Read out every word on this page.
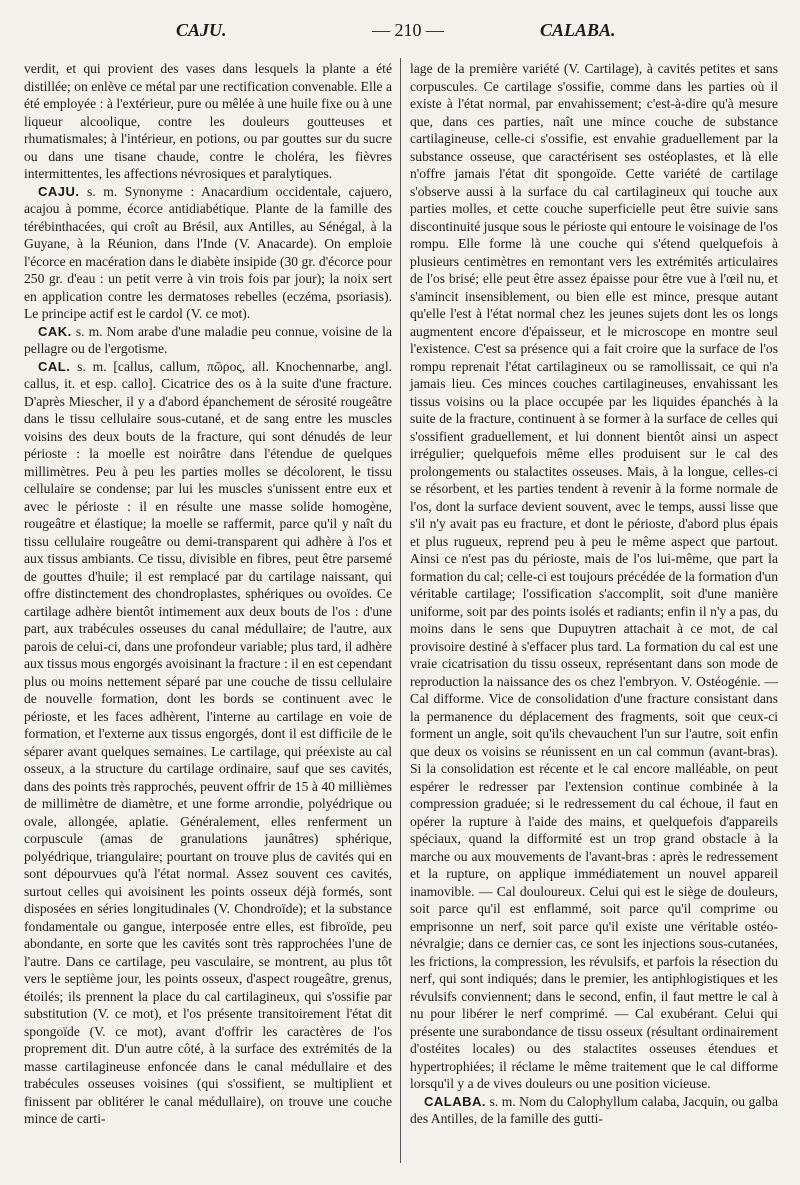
CAJU.	— 210 —	CALABA.

verdit, et qui provient des vases dans lesquels la plante a été distillée; on enlève ce métal par une rectification convenable. Elle a été employée : à l'extérieur, pure ou mêlée à une huile fixe ou à une liqueur alcoolique, contre les douleurs goutteuses et rhumatismales; à l'intérieur, en potions, ou par gouttes sur du sucre ou dans une tisane chaude, contre le choléra, les fièvres intermittentes, les affections névrosiques et paralytiques.

CAJU. s. m. Synonyme : Anacardium occidentale, cajuero, acajou à pomme, écorce antidiabétique. Plante de la famille des térébinthacées, qui croît au Brésil, aux Antilles, au Sénégal, à la Guyane, à la Réunion, dans l'Inde (V. Anacarde). On emploie l'écorce en macération dans le diabète insipide (30 gr. d'écorce pour 250 gr. d'eau : un petit verre à vin trois fois par jour); la noix sert en application contre les dermatoses rebelles (eczéma, psoriasis). Le principe actif est le cardol (V. ce mot).

CAK. s. m. Nom arabe d'une maladie peu connue, voisine de la pellagre ou de l'ergotisme.

CAL. s. m. [callus, callum, πῶρος, all. Knochennarbe, angl. callus, it. et esp. callo]. Cicatrice des os à la suite d'une fracture. D'après Miescher, il y a d'abord épanchement de sérosité rougeâtre dans le tissu cellulaire sous-cutané, et de sang entre les muscles voisins des deux bouts de la fracture, qui sont dénudés de leur périoste : la moelle est noirâtre dans l'étendue de quelques millimètres. Peu à peu les parties molles se décolorent, le tissu cellulaire se condense; par lui les muscles s'unissent entre eux et avec le périoste : il en résulte une masse solide homogène, rougeâtre et élastique; la moelle se raffermit, parce qu'il y naît du tissu cellulaire rougeâtre ou demi-transparent qui adhère à l'os et aux tissus ambiants. Ce tissu, divisible en fibres, peut être parsemé de gouttes d'huile; il est remplacé par du cartilage naissant, qui offre distinctement des chondroplastes, sphériques ou ovoïdes. Ce cartilage adhère bientôt intimement aux deux bouts de l'os : d'une part, aux trabécules osseuses du canal médullaire; de l'autre, aux parois de celui-ci, dans une profondeur variable; plus tard, il adhère aux tissus mous engorgés avoisinant la fracture : il en est cependant plus ou moins nettement séparé par une couche de tissu cellulaire de nouvelle formation, dont les bords se continuent avec le périoste, et les faces adhèrent, l'interne au cartilage en voie de formation, et l'externe aux tissus engorgés, dont il est difficile de le séparer avant quelques semaines. Le cartilage, qui préexiste au cal osseux, a la structure du cartilage ordinaire, sauf que ses cavités, dans des points très rapprochés, peuvent offrir de 15 à 40 millièmes de millimètre de diamètre, et une forme arrondie, polyédrique ou ovale, allongée, aplatie. Généralement, elles renferment un corpuscule (amas de granulations jaunâtres) sphérique, polyédrique, triangulaire; pourtant on trouve plus de cavités qui en sont dépourvues qu'à l'état normal. Assez souvent ces cavités, surtout celles qui avoisinent les points osseux déjà formés, sont disposées en séries longitudinales (V. Chondroïde); et la substance fondamentale ou gangue, interposée entre elles, est fibroïde, peu abondante, en sorte que les cavités sont très rapprochées l'une de l'autre. Dans ce cartilage, peu vasculaire, se montrent, au plus tôt vers le septième jour, les points osseux, d'aspect rougeâtre, grenus, étoilés; ils prennent la place du cal cartilagineux, qui s'ossifie par substitution (V. ce mot), et l'os présente transitoirement l'état dit spongoïde (V. ce mot), avant d'offrir les caractères de l'os proprement dit. D'un autre côté, à la surface des extrémités de la masse cartilagineuse enfoncée dans le canal médullaire et des trabécules osseuses voisines (qui s'ossifient, se multiplient et finissent par oblitérer le canal médullaire), on trouve une couche mince de carti-

lage de la première variété (V. Cartilage), à cavités petites et sans corpuscules. Ce cartilage s'ossifie, comme dans les parties où il existe à l'état normal, par envahissement; c'est-à-dire qu'à mesure que, dans ces parties, naît une mince couche de substance cartilagineuse, celle-ci s'ossifie, est envahie graduellement par la substance osseuse, que caractérisent ses ostéoplastes, et là elle n'offre jamais l'état dit spongoïde. Cette variété de cartilage s'observe aussi à la surface du cal cartilagineux qui touche aux parties molles, et cette couche superficielle peut être suivie sans discontinuité jusque sous le périoste qui entoure le voisinage de l'os rompu. Elle forme là une couche qui s'étend quelquefois à plusieurs centimètres en remontant vers les extrémités articulaires de l'os brisé; elle peut être assez épaisse pour être vue à l'œil nu, et s'amincit insensiblement, ou bien elle est mince, presque autant qu'elle l'est à l'état normal chez les jeunes sujets dont les os longs augmentent encore d'épaisseur, et le microscope en montre seul l'existence. C'est sa présence qui a fait croire que la surface de l'os rompu reprenait l'état cartilagineux ou se ramollissait, ce qui n'a jamais lieu. Ces minces couches cartilagineuses, envahissant les tissus voisins ou la place occupée par les liquides épanchés à la suite de la fracture, continuent à se former à la surface de celles qui s'ossifient graduellement, et lui donnent bientôt ainsi un aspect irrégulier; quelquefois même elles produisent sur le cal des prolongements ou stalactites osseuses. Mais, à la longue, celles-ci se résorbent, et les parties tendent à revenir à la forme normale de l'os, dont la surface devient souvent, avec le temps, aussi lisse que s'il n'y avait pas eu fracture, et dont le périoste, d'abord plus épais et plus rugueux, reprend peu à peu le même aspect que partout. Ainsi ce n'est pas du périoste, mais de l'os lui-même, que part la formation du cal; celle-ci est toujours précédée de la formation d'un véritable cartilage; l'ossification s'accomplit, soit d'une manière uniforme, soit par des points isolés et radiants; enfin il n'y a pas, du moins dans le sens que Dupuytren attachait à ce mot, de cal provisoire destiné à s'effacer plus tard. La formation du cal est une vraie cicatrisation du tissu osseux, représentant dans son mode de reproduction la naissance des os chez l'embryon. V. Ostéogénie. — Cal difforme. Vice de consolidation d'une fracture consistant dans la permanence du déplacement des fragments, soit que ceux-ci forment un angle, soit qu'ils chevauchent l'un sur l'autre, soit enfin que deux os voisins se réunissent en un cal commun (avant-bras). Si la consolidation est récente et le cal encore malléable, on peut espérer le redresser par l'extension continue combinée à la compression graduée; si le redressement du cal échoue, il faut en opérer la rupture à l'aide des mains, et quelquefois d'appareils spéciaux, quand la difformité est un trop grand obstacle à la marche ou aux mouvements de l'avant-bras : après le redressement et la rupture, on applique immédiatement un nouvel appareil inamovible. — Cal douloureux. Celui qui est le siège de douleurs, soit parce qu'il est enflammé, soit parce qu'il comprime ou emprisonne un nerf, soit parce qu'il existe une véritable ostéo-névralgie; dans ce dernier cas, ce sont les injections sous-cutanées, les frictions, la compression, les révulsifs, et parfois la résection du nerf, qui sont indiqués; dans le premier, les antiphlogistiques et les révulsifs conviennent; dans le second, enfin, il faut mettre le cal à nu pour libérer le nerf comprimé. — Cal exubérant. Celui qui présente une surabondance de tissu osseux (résultant ordinairement d'ostéites locales) ou des stalactites osseuses étendues et hypertrophiées; il réclame le même traitement que le cal difforme lorsqu'il y a de vives douleurs ou une position vicieuse.

CALABA. s. m. Nom du Calophyllum calaba, Jacquin, ou galba des Antilles, de la famille des gutti-
